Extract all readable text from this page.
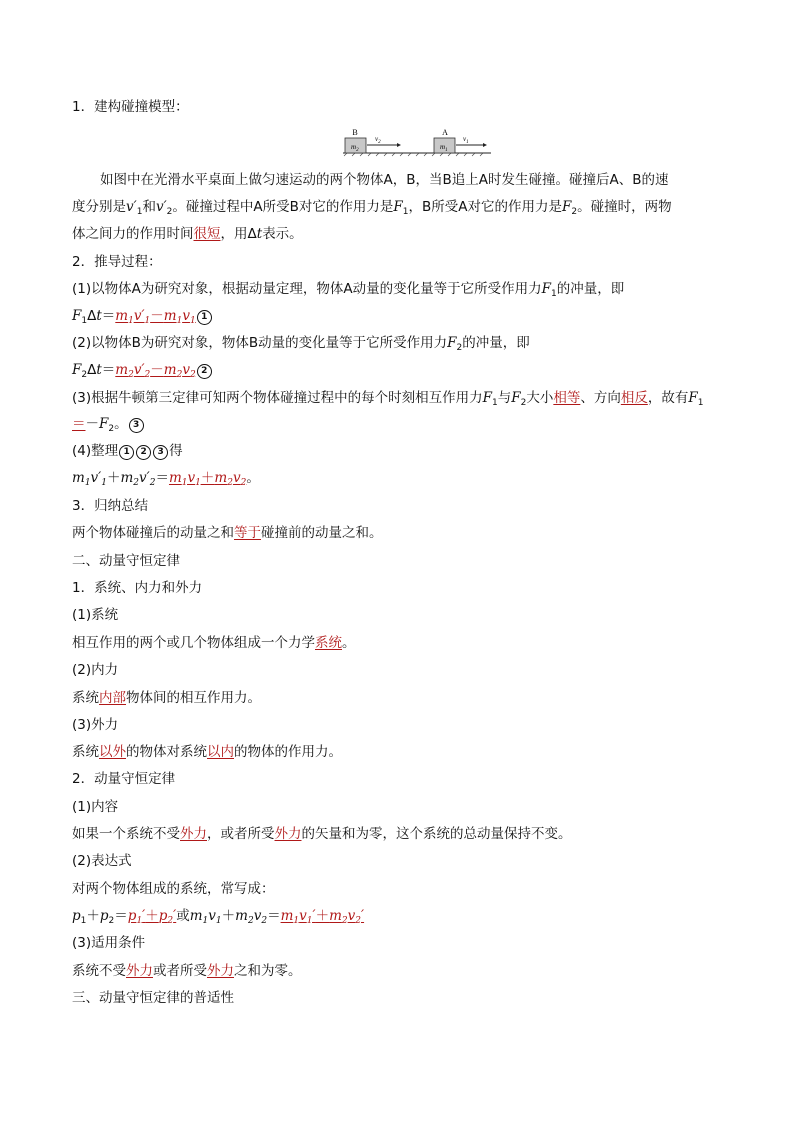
1．建构碰撞模型：
B
$m_2$
$v_2$
A
$m_1$
$v_1$
如图中在光滑水平桌面上做匀速运动的两个物体A，B，当B追上A时发生碰撞。碰撞后A、B的速
度分别是$v'_1$和$v'_2$。碰撞过程中A所受B对它的作用力是$F_1$，B所受A对它的作用力是$F_2$。碰撞时，两物
体之间力的作用时间很短，用Δt表示。
2．推导过程：
(1)以物体A为研究对象，根据动量定理，物体A动量的变化量等于它所受作用力$F_1$的冲量，即
$F_1\Delta t=m_1v'_1-m_1v_1$ 1
(2)以物体B为研究对象，物体B动量的变化量等于它所受作用力$F_2$的冲量，即
$F_2\Delta t=m_2v'_2-m_2v_2$ 2
(3)根据牛顿第三定律可知两个物体碰撞过程中的每个时刻相互作用力$F_1$与$F_2$大小相等、方向相反，故有$F_1$
$=-F_2$。 3
(4)整理 1 2 3 得
$m_1v'_1+m_2v'_2=m_1v_1+m_2v_2$。
3．归纳总结
两个物体碰撞后的动量之和等于碰撞前的动量之和。
二、动量守恒定律
1．系统、内力和外力
(1)系统
相互作用的两个或几个物体组成一个力学系统。
(2)内力
系统内部物体间的相互作用力。
(3)外力
系统以外的物体对系统以内的物体的作用力。
2．动量守恒定律
(1)内容
如果一个系统不受外力，或者所受外力的矢量和为零，这个系统的总动量保持不变。
(2)表达式
对两个物体组成的系统，常写成：
$p_1+p_2=p_1'+p_2'$或$m_1v_1+m_2v_2=m_1v_1'+m_2v_2'$
(3)适用条件
系统不受外力或者所受外力之和为零。
三、动量守恒定律的普适性
